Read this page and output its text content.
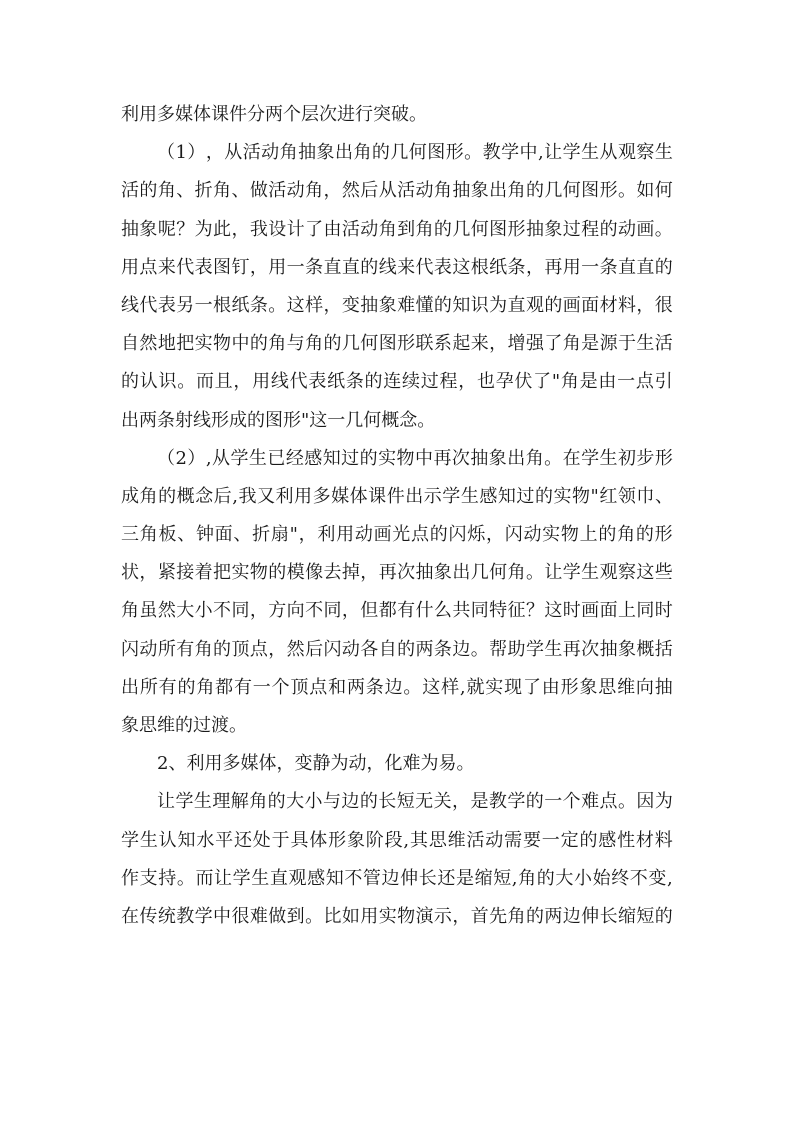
利用多媒体课件分两个层次进行突破。
（ 1 ） ， 从 活 动 角 抽 象 出 角 的 几 何 图 形 。 教 学 中 , 让 学 生 从 观 察 生
活 的 角 、 折 角 、 做 活 动 角 ， 然 后 从 活 动 角 抽 象 出 角 的 几 何 图 形 。 如 何
抽 象 呢 ？ 为 此 ， 我 设 计 了 由 活 动 角 到 角 的 几 何 图 形 抽 象 过 程 的 动 画 。
用 点 来 代 表 图 钉 ， 用 一 条 直 直 的 线 来 代 表 这 根 纸 条 ， 再 用 一 条 直 直 的
线 代 表 另 一 根 纸 条 。 这 样 ， 变 抽 象 难 懂 的 知 识 为 直 观 的 画 面 材 料 ， 很
自 然 地 把 实 物 中 的 角 与 角 的 几 何 图 形 联 系 起 来 ， 增 强 了 角 是 源 于 生 活
的 认 识 。 而 且 ， 用 线 代 表 纸 条 的 连 续 过 程 ， 也 孕 伏 了 " 角 是 由 一 点 引
出两条射线形成的图形"这一几何概念。
（ 2 ） , 从 学 生 已 经 感 知 过 的 实 物 中 再 次 抽 象 出 角 。 在 学 生 初 步 形
成 角 的 概 念 后 , 我 又 利 用 多 媒 体 课 件 出 示 学 生 感 知 过 的 实 物 " 红 领 巾 、
三 角 板 、 钟 面 、 折 扇 " ， 利 用 动 画 光 点 的 闪 烁 ， 闪 动 实 物 上 的 角 的 形
状 ， 紧 接 着 把 实 物 的 模 像 去 掉 ， 再 次 抽 象 出 几 何 角 。 让 学 生 观 察 这 些
角 虽 然 大 小 不 同 ， 方 向 不 同 ， 但 都 有 什 么 共 同 特 征 ？ 这 时 画 面 上 同 时
闪 动 所 有 角 的 顶 点 ， 然 后 闪 动 各 自 的 两 条 边 。 帮 助 学 生 再 次 抽 象 概 括
出 所 有 的 角 都 有 一 个 顶 点 和 两 条 边 。 这 样 , 就 实 现 了 由 形 象 思 维 向 抽
象思维的过渡。
2、利用多媒体，变静为动，化难为易。
让 学 生 理 解 角 的 大 小 与 边 的 长 短 无 关 ， 是 教 学 的 一 个 难 点 。 因 为
学 生 认 知 水 平 还 处 于 具 体 形 象 阶 段 , 其 思 维 活 动 需 要 一 定 的 感 性 材 料
作 支 持 。 而 让 学 生 直 观 感 知 不 管 边 伸 长 还 是 缩 短 , 角 的 大 小 始 终 不 变 ,
在 传 统 教 学 中 很 难 做 到 。 比 如 用 实 物 演 示 ， 首 先 角 的 两 边 伸 长 缩 短 的
